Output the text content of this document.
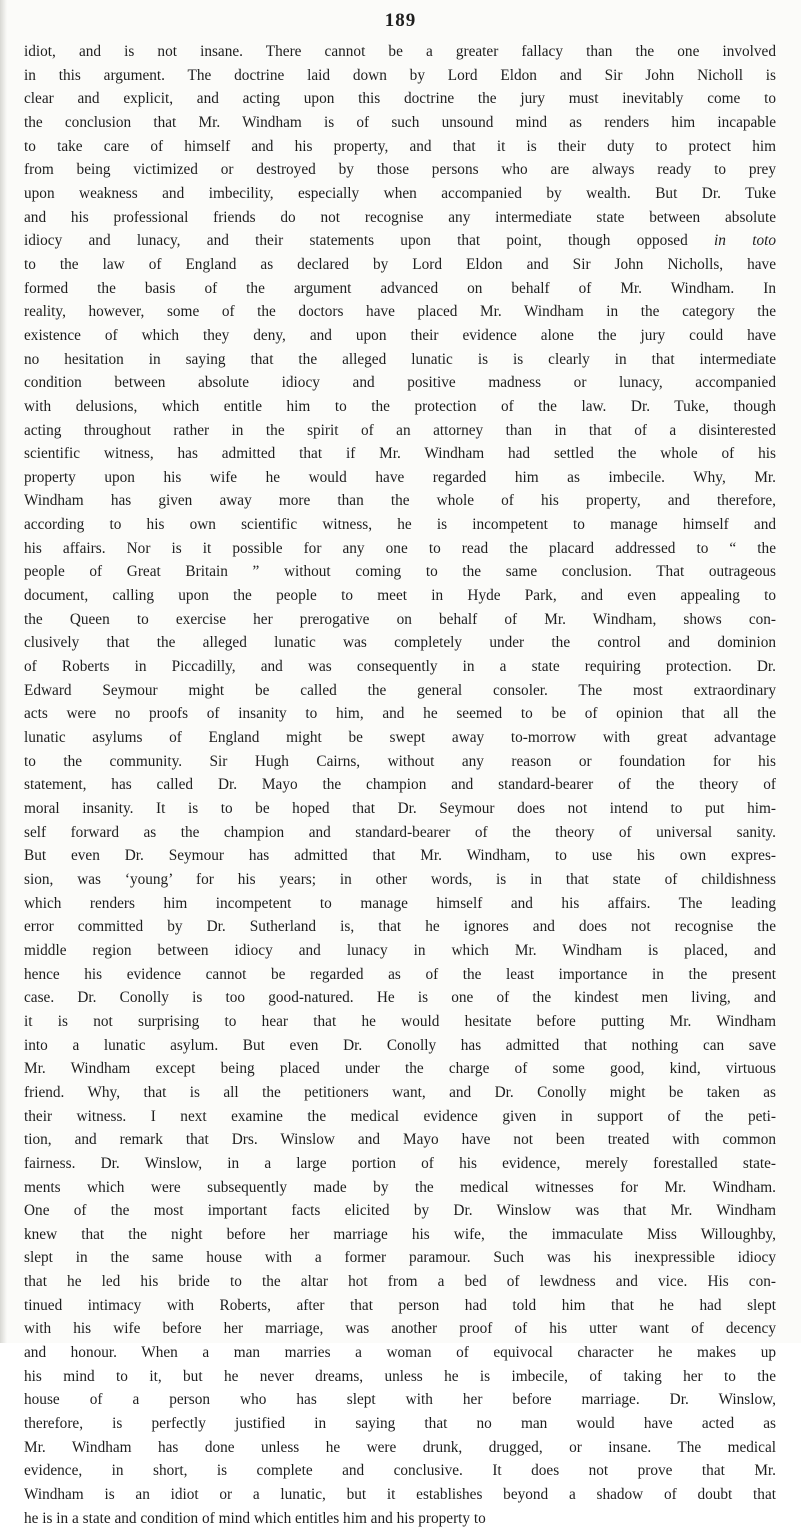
189
idiot, and is not insane. There cannot be a greater fallacy than the one involved
in this argument. The doctrine laid down by Lord Eldon and Sir John Nicholl is
clear and explicit, and acting upon this doctrine the jury must inevitably come to
the conclusion that Mr. Windham is of such unsound mind as renders him incapable
to take care of himself and his property, and that it is their duty to protect him
from being victimized or destroyed by those persons who are always ready to prey
upon weakness and imbecility, especially when accompanied by wealth. But Dr. Tuke
and his professional friends do not recognise any intermediate state between absolute
idiocy and lunacy, and their statements upon that point, though opposed in toto
to the law of England as declared by Lord Eldon and Sir John Nicholls, have
formed the basis of the argument advanced on behalf of Mr. Windham. In
reality, however, some of the doctors have placed Mr. Windham in the category the
existence of which they deny, and upon their evidence alone the jury could have
no hesitation in saying that the alleged lunatic is is clearly in that intermediate
condition between absolute idiocy and positive madness or lunacy, accompanied
with delusions, which entitle him to the protection of the law. Dr. Tuke, though
acting throughout rather in the spirit of an attorney than in that of a disinterested
scientific witness, has admitted that if Mr. Windham had settled the whole of his
property upon his wife he would have regarded him as imbecile. Why, Mr.
Windham has given away more than the whole of his property, and therefore,
according to his own scientific witness, he is incompetent to manage himself and
his affairs. Nor is it possible for any one to read the placard addressed to “ the
people of Great Britain ” without coming to the same conclusion. That outrageous
document, calling upon the people to meet in Hyde Park, and even appealing to
the Queen to exercise her prerogative on behalf of Mr. Windham, shows con-
clusively that the alleged lunatic was completely under the control and dominion
of Roberts in Piccadilly, and was consequently in a state requiring protection. Dr.
Edward Seymour might be called the general consoler. The most extraordinary
acts were no proofs of insanity to him, and he seemed to be of opinion that all the
lunatic asylums of England might be swept away to-morrow with great advantage
to the community. Sir Hugh Cairns, without any reason or foundation for his
statement, has called Dr. Mayo the champion and standard-bearer of the theory of
moral insanity. It is to be hoped that Dr. Seymour does not intend to put him-
self forward as the champion and standard-bearer of the theory of universal sanity.
But even Dr. Seymour has admitted that Mr. Windham, to use his own expres-
sion, was ‘young’ for his years; in other words, is in that state of childishness
which renders him incompetent to manage himself and his affairs. The leading
error committed by Dr. Sutherland is, that he ignores and does not recognise the
middle region between idiocy and lunacy in which Mr. Windham is placed, and
hence his evidence cannot be regarded as of the least importance in the present
case. Dr. Conolly is too good-natured. He is one of the kindest men living, and
it is not surprising to hear that he would hesitate before putting Mr. Windham
into a lunatic asylum. But even Dr. Conolly has admitted that nothing can save
Mr. Windham except being placed under the charge of some good, kind, virtuous
friend. Why, that is all the petitioners want, and Dr. Conolly might be taken as
their witness. I next examine the medical evidence given in support of the peti-
tion, and remark that Drs. Winslow and Mayo have not been treated with common
fairness. Dr. Winslow, in a large portion of his evidence, merely forestalled state-
ments which were subsequently made by the medical witnesses for Mr. Windham.
One of the most important facts elicited by Dr. Winslow was that Mr. Windham
knew that the night before her marriage his wife, the immaculate Miss Willoughby,
slept in the same house with a former paramour. Such was his inexpressible idiocy
that he led his bride to the altar hot from a bed of lewdness and vice. His con-
tinued intimacy with Roberts, after that person had told him that he had slept
with his wife before her marriage, was another proof of his utter want of decency
and honour. When a man marries a woman of equivocal character he makes up
his mind to it, but he never dreams, unless he is imbecile, of taking her to the
house of a person who has slept with her before marriage. Dr. Winslow,
therefore, is perfectly justified in saying that no man would have acted as
Mr. Windham has done unless he were drunk, drugged, or insane. The medical
evidence, in short, is complete and conclusive. It does not prove that Mr.
Windham is an idiot or a lunatic, but it establishes beyond a shadow of doubt that
he is in a state and condition of mind which entitles him and his property to
